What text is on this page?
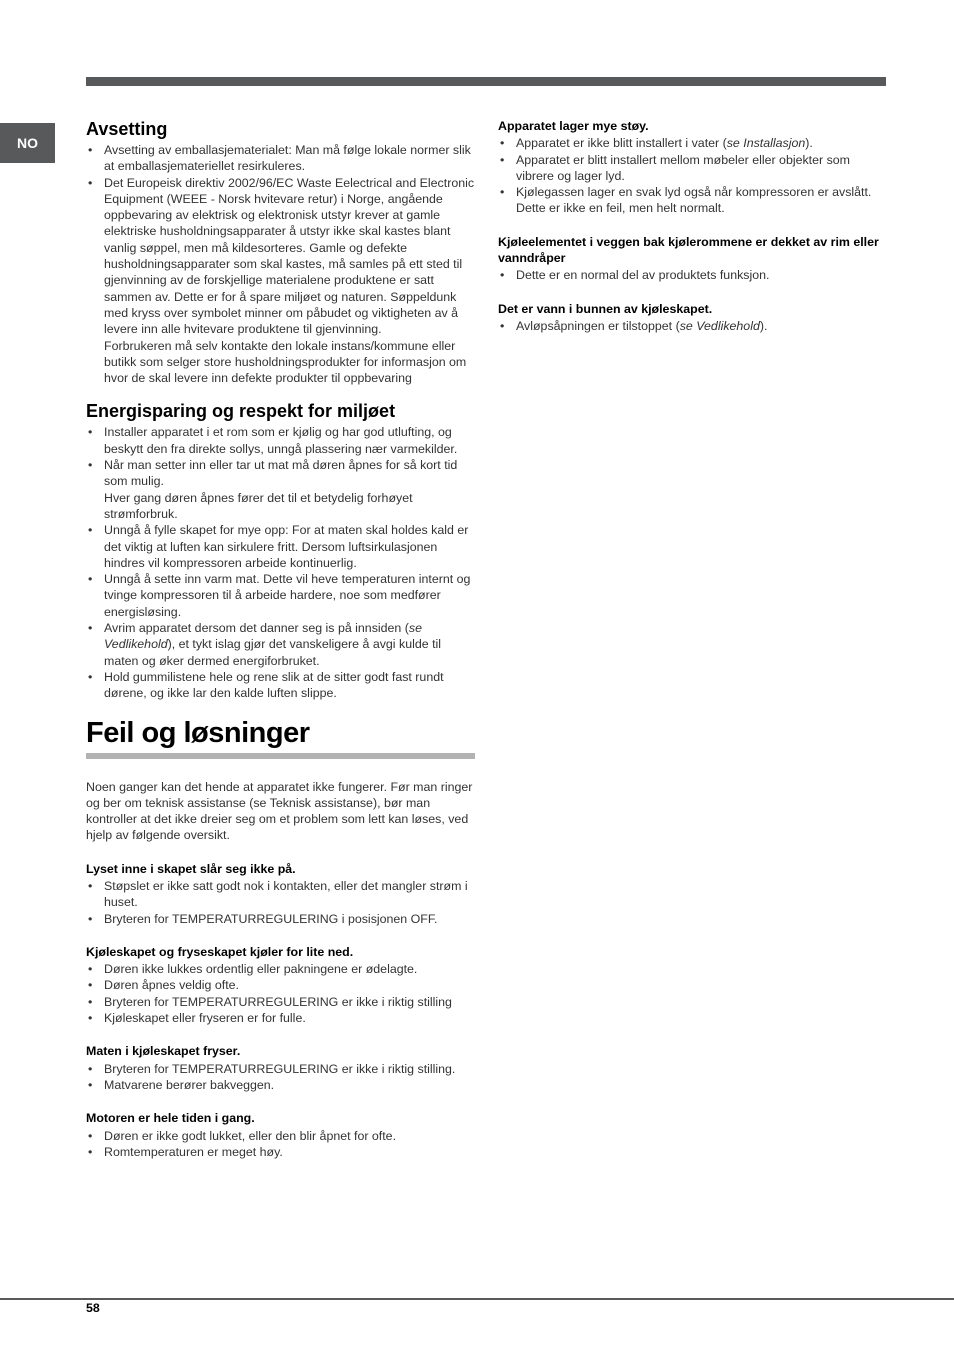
NO
Avsetting
• Avsetting av emballasjematerialet: Man må følge lokale normer slik at emballasjemateriellet resirkuleres.
• Det Europeisk direktiv 2002/96/EC Waste Eelectrical and Electronic Equipment (WEEE - Norsk hvitevare retur) i Norge, angående oppbevaring av elektrisk og elektronisk utstyr krever at gamle elektriske husholdningsapparater å utstyr ikke skal kastes blant vanlig søppel, men må kildesorteres. Gamle og defekte husholdningsapparater som skal kastes, må samles på ett sted til gjenvinning av de forskjellige materialene produktene er satt sammen av. Dette er for å spare miljøet og naturen. Søppeldunk med kryss over symbolet minner om påbudet og viktigheten av å levere inn alle hvitevare produktene til gjenvinning.
Forbrukeren må selv kontakte den lokale instans/kommune eller butikk som selger store husholdningsprodukter for informasjon om hvor de skal levere inn defekte produkter til oppbevaring
Energisparing og respekt for miljøet
• Installer apparatet i et rom som er kjølig og har god utlufting, og beskytt den fra direkte sollys, unngå plassering nær varmekilder.
• Når man setter inn eller tar ut mat må døren åpnes for så kort tid som mulig.
Hver gang døren åpnes fører det til et betydelig forhøyet strømforbruk.
• Unngå å fylle skapet for mye opp: For at maten skal holdes kald er det viktig at luften kan sirkulere fritt. Dersom luftsirkulasjonen hindres vil kompressoren arbeide kontinuerlig.
• Unngå å sette inn varm mat. Dette vil heve temperaturen internt og tvinge kompressoren til å arbeide hardere, noe som medfører energisløsing.
• Avrim apparatet dersom det danner seg is på innsiden (se Vedlikehold), et tykt islag gjør det vanskeligere å avgi kulde til maten og øker dermed energiforbruket.
• Hold gummilistene hele og rene slik at de sitter godt fast rundt dørene, og ikke lar den kalde luften slippe.
Feil og løsninger

Noen ganger kan det hende at apparatet ikke fungerer. Før man ringer og ber om teknisk assistanse (se Teknisk assistanse), bør man kontroller at det ikke dreier seg om et problem som lett kan løses, ved hjelp av følgende oversikt.

Lyset inne i skapet slår seg ikke på.
• Støpslet er ikke satt godt nok i kontakten, eller det mangler strøm i huset.
• Bryteren for TEMPERATURREGULERING i posisjonen OFF.
Kjøleskapet og fryseskapet kjøler for lite ned.
• Døren ikke lukkes ordentlig eller pakningene er ødelagte.
• Døren åpnes veldig ofte.
• Bryteren for TEMPERATURREGULERING er ikke i riktig stilling
• Kjøleskapet eller fryseren er for fulle.
Maten i kjøleskapet fryser.
• Bryteren for TEMPERATURREGULERING er ikke i riktig stilling.
• Matvarene berører bakveggen.
Motoren er hele tiden i gang.
• Døren er ikke godt lukket, eller den blir åpnet for ofte.
• Romtemperaturen er meget høy.
Apparatet lager mye støy.
• Apparatet er ikke blitt installert i vater (se Installasjon).
• Apparatet er blitt installert mellom møbeler eller objekter som vibrere og lager lyd.
• Kjølegassen lager en svak lyd også når kompressoren er avslått. Dette er ikke en feil, men helt normalt.
Kjøleelementet i veggen bak kjølerommene er dekket av rim eller vanndråper
• Dette er en normal del av produktets funksjon.
Det er vann i bunnen av kjøleskapet.
• Avløpsåpningen er tilstoppet (se Vedlikehold).
58
